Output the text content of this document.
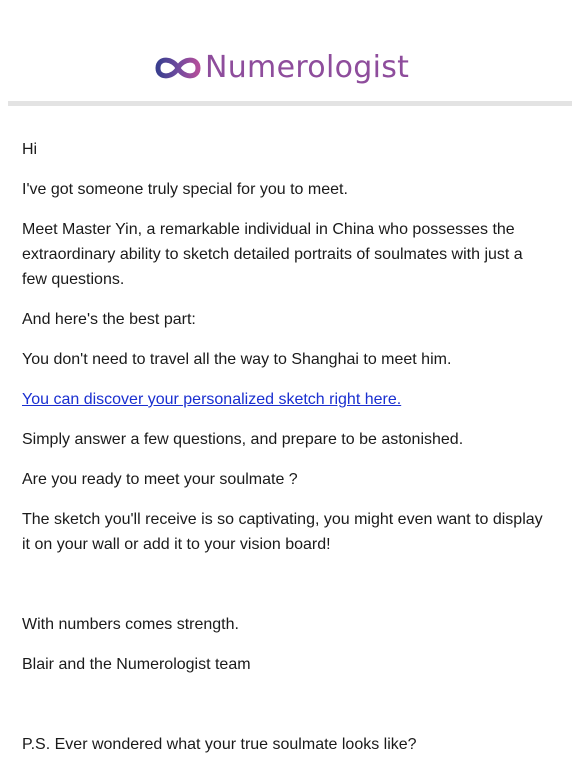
Numerologist

Hi

I've got someone truly special for you to meet.

Meet Master Yin, a remarkable individual in China who possesses the extraordinary ability to sketch detailed portraits of soulmates with just a few questions.

And here's the best part:

You don't need to travel all the way to Shanghai to meet him.

You can discover your personalized sketch right here.

Simply answer a few questions, and prepare to be astonished.

Are you ready to meet your soulmate ?

The sketch you'll receive is so captivating, you might even want to display it on your wall or add it to your vision board!

With numbers comes strength.

Blair and the Numerologist team

P.S. Ever wondered what your true soulmate looks like?
